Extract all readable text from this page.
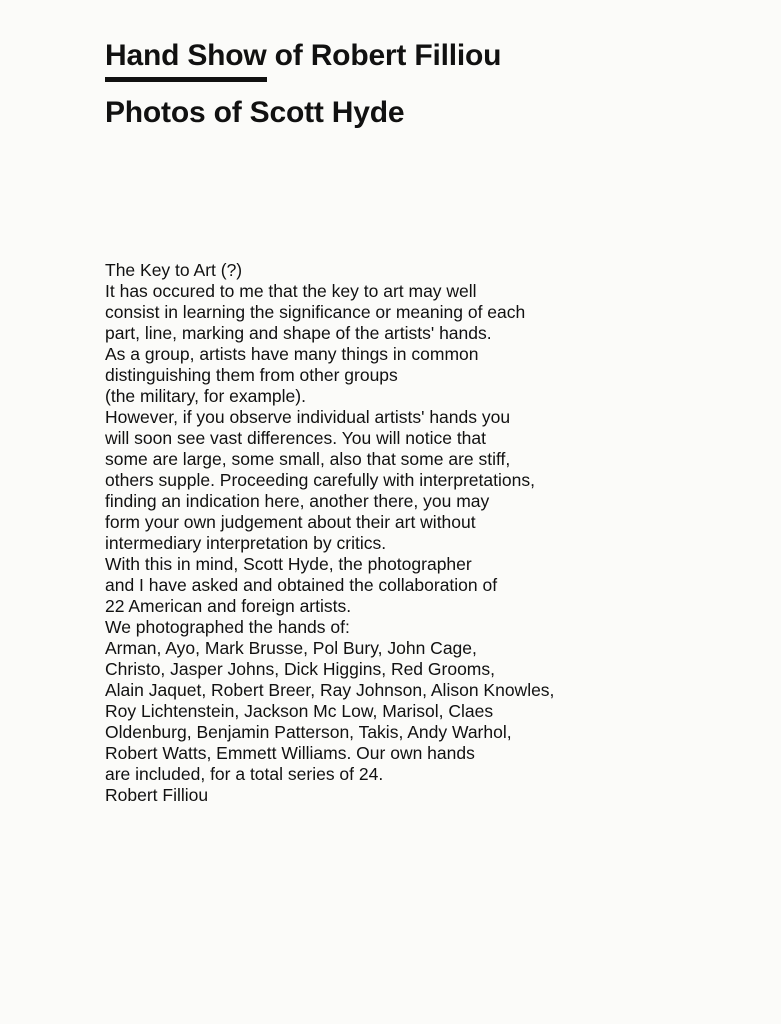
Hand Show of Robert Filliou
Photos of Scott Hyde

The Key to Art (?)

It has occured to me that the key to art may well
consist in learning the significance or meaning of each
part, line, marking and shape of the artists' hands.
As a group, artists have many things in common
distinguishing them from other groups
(the military, for example).

However, if you observe individual artists' hands you
will soon see vast differences. You will notice that
some are large, some small, also that some are stiff,
others supple. Proceeding carefully with interpretations,
finding an indication here, another there, you may
form your own judgement about their art without
intermediary interpretation by critics.

With this in mind, Scott Hyde, the photographer
and I have asked and obtained the collaboration of
22 American and foreign artists.

We photographed the hands of:

Arman, Ayo, Mark Brusse, Pol Bury, John Cage,
Christo, Jasper Johns, Dick Higgins, Red Grooms,
Alain Jaquet, Robert Breer, Ray Johnson, Alison Knowles,
Roy Lichtenstein, Jackson Mc Low, Marisol, Claes
Oldenburg, Benjamin Patterson, Takis, Andy Warhol,
Robert Watts, Emmett Williams. Our own hands
are included, for a total series of 24.

Robert Filliou
